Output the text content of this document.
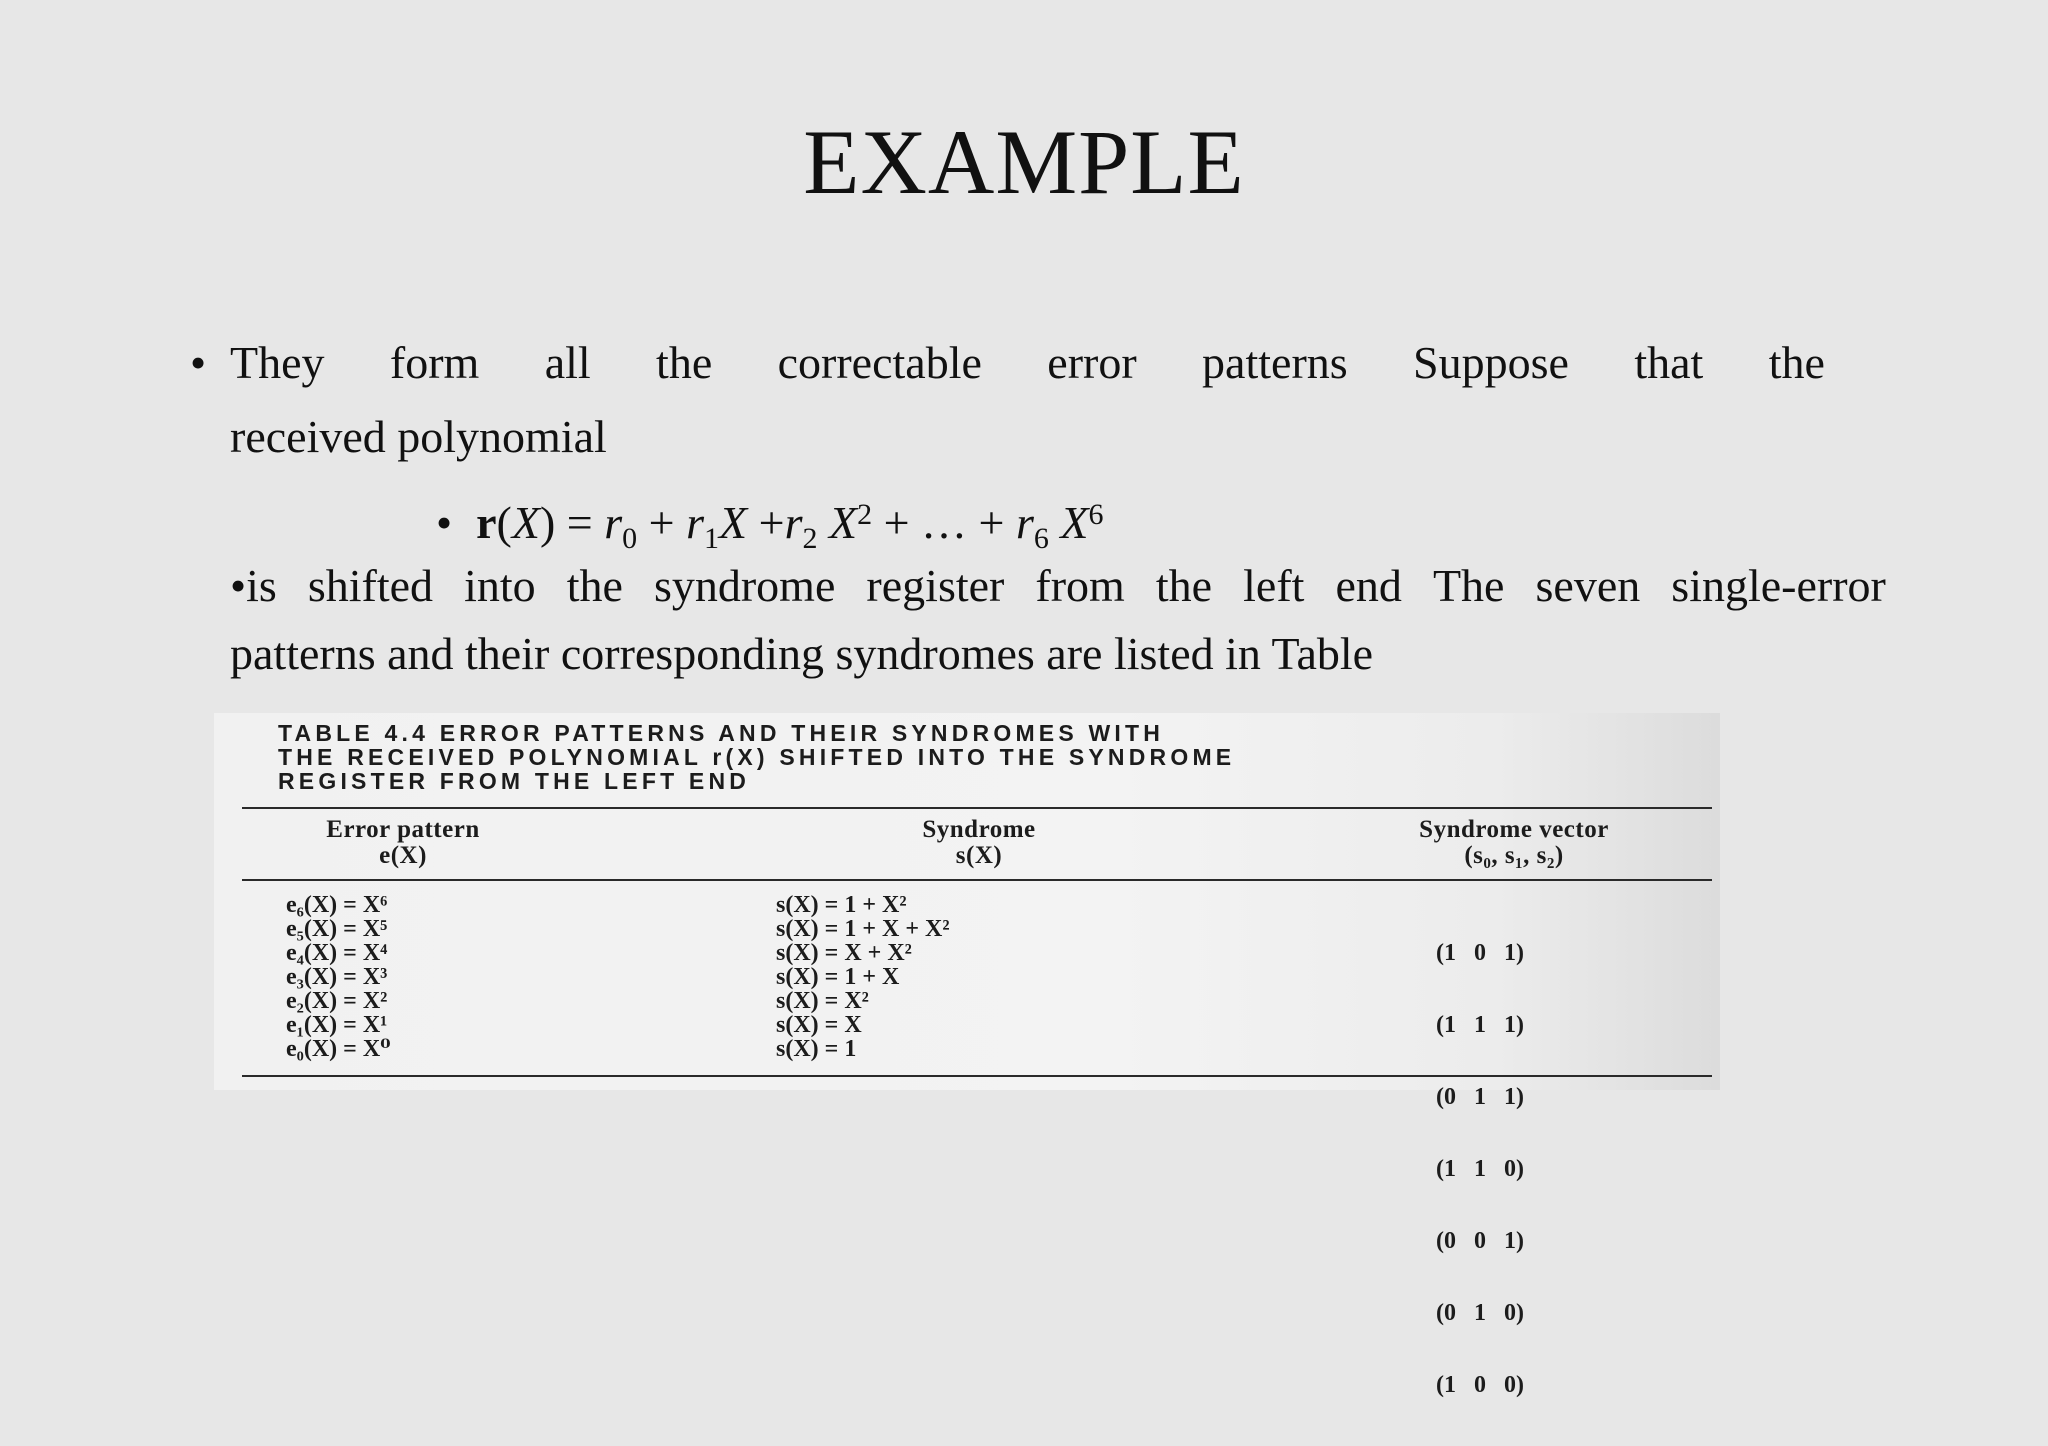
EXAMPLE
• They form all the correctable error patterns Suppose that the
received polynomial
• $r(X) = r_0 + r_1X +r_2$ $X^2$ + … + $r_6$ $X^6$
•is shifted into the syndrome register from the left end The seven single-error
patterns and their corresponding syndromes are listed in Table
TABLE 4.4 ERROR PATTERNS AND THEIR SYNDROMES WITH
THE RECEIVED POLYNOMIAL r(X) SHIFTED INTO THE SYNDROME
REGISTER FROM THE LEFT END
Error pattern
e(X)
Syndrome
s(X)
Syndrome vector
(s₀, s₁, s₂)
e₆(X) = X⁶
e₅(X) = X⁵
e₄(X) = X⁴
e₃(X) = X³
e₂(X) = X²
e₁(X) = X¹
e₀(X) = X⁰
s(X) = 1 + X²
s(X) = 1 + X + X²
s(X) = X + X²
s(X) = 1 + X
s(X) = X²
s(X) = X
s(X) = 1

(1   0   1)

(1   1   1)

(0   1   1)

(1   1   0)

(0   0   1)

(0   1   0)

(1   0   0)
